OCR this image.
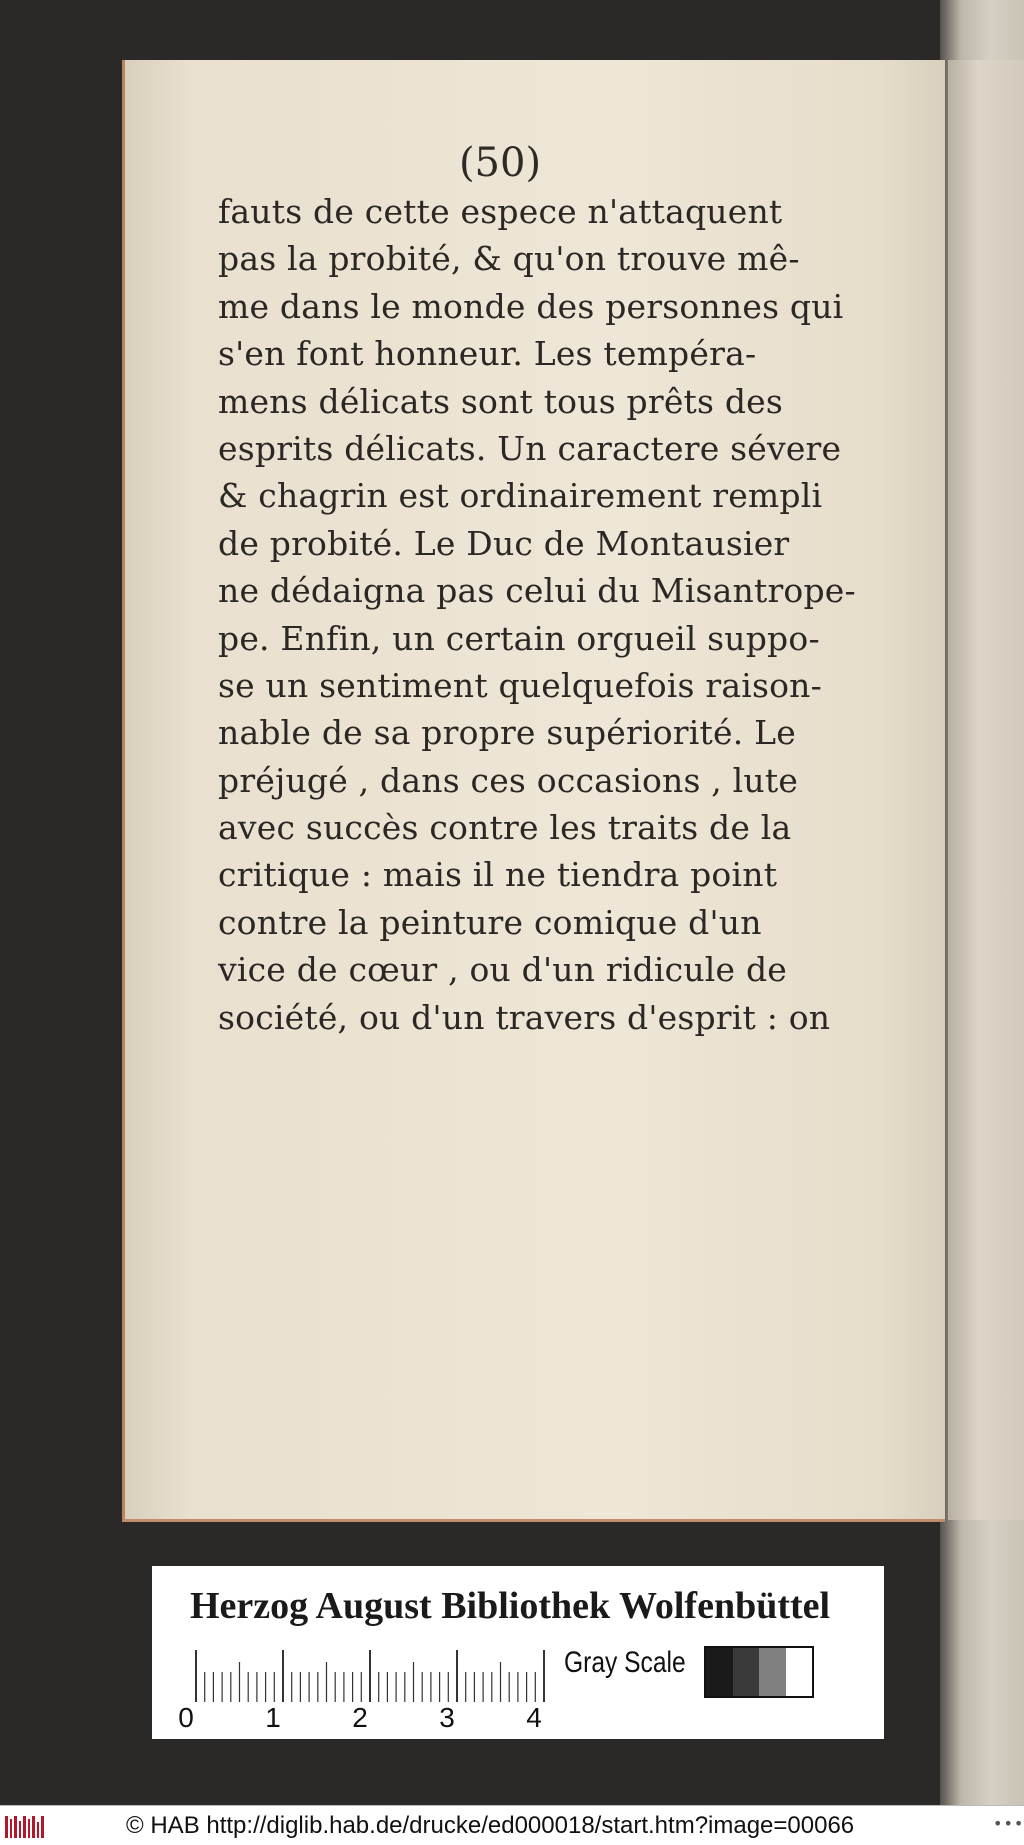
(50)
fauts de cette espece n'attaquent
pas la probité, & qu'on trouve mê-
me dans le monde des personnes qui
s'en font honneur. Les tempéra-
mens délicats sont tous prêts des
esprits délicats. Un caractere sévere
& chagrin est ordinairement rempli
de probité. Le Duc de Montausier
ne dédaigna pas celui du Misantrope-
pe. Enfin, un certain orgueil suppo-
se un sentiment quelquefois raison-
nable de sa propre supériorité. Le
préjugé , dans ces occasions , lute
avec succès contre les traits de la
critique : mais il ne tiendra point
contre la peinture comique d'un
vice de cœur , ou d'un ridicule de
société, ou d'un travers d'esprit : on
Herzog August Bibliothek Wolfenbüttel
0	1	2	3	4
Gray Scale
© HAB http://diglib.hab.de/drucke/ed000018/start.htm?image=00066	•••
